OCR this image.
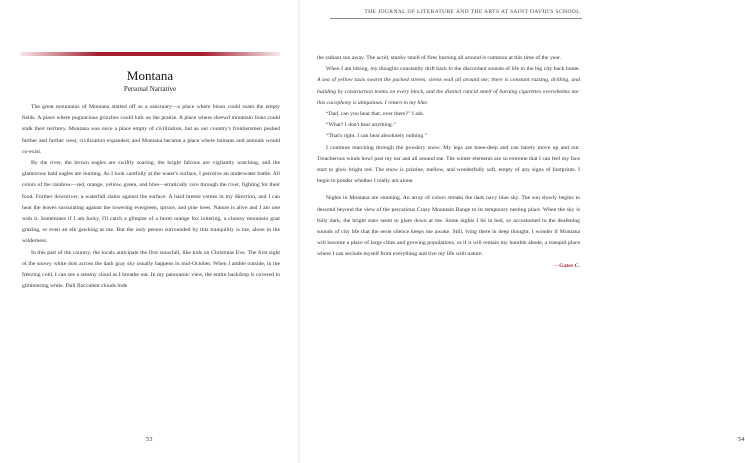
Montana
Personal Narrative

The great mountains of Montana started off as a sanctuary—a place where bison could roam the empty fields. A place where pugnacious grizzlies could lurk on the prairie. A place where shrewd mountain lions could stalk their territory. Montana was once a place empty of civilization, but as our country's frontiersmen pushed farther and farther west, civilization expanded, and Montana became a place where humans and animals would co-exist.

By the river, the brown eagles are swiftly soaring, the bright falcons are vigilantly watching, and the glamorous bald eagles are hunting. As I look carefully at the water's surface, I perceive an underwater battle. All colors of the rainbow—red, orange, yellow, green, and blue—erratically race through the river, fighting for their food. Further downriver, a waterfall slams against the surface. A hard breeze comes in my direction, and I can hear the leaves sussurating against the towering evergreen, spruce, and pine trees. Nature is alive and I am one with it. Sometimes if I am lucky, I'll catch a glimpse of a burnt orange fox loitering, a clumsy mountain goat grazing, or even an elk gawking at me. But the only person surrounded by this tranquility is me, alone in the wilderness.

In this part of the country, the locals anticipate the first snowfall, like kids on Christmas Eve. The first sight of the snowy white dots across the dark gray sky usually happens in mid-October. When I amble outside, in the freezing cold, I can see a steamy cloud as I breathe out. In my panoramic view, the entire backdrop is covered in glimmering white. Dull flocculent clouds hide

53	54
THE JOURNAL OF LITERATURE AND THE ARTS AT SAINT DAVID'S SCHOOL

the radiant sun away. The acrid, smoky smell of fires burning all around is common at this time of the year.

When I am hiking, my thoughts constantly drift back to the discordant sounds of life in the big city back home. A sea of yellow taxis swarm the packed streets, sirens wail all around me; there is constant razzing, drilling, and building by construction teams on every block, and the distinct rancid smell of burning cigarettes overwhelms me: this cacophony is ubiquitous. I return to my hike.

“Dad, can you hear that, over there?” I ask.

“What? I don't hear anything.”

“That's right. I can hear absolutely nothing.”

I continue marching through the powdery snow. My legs are knee-deep and can barely move up and out. Treacherous winds howl past my ear and all around me. The winter elements are so extreme that I can feel my face start to glow bright red. The snow is pristine, mellow, and wonderfully soft, empty of any signs of footprints. I begin to ponder whether I really am alone.

Nights in Montana are stunning. An array of colors streaks the dark navy blue sky. The sun slowly begins to descend beyond the view of the percarious Crazy Mountain Range to its temporary nesting place. When the sky is fully dark, the bright stars seem to glare down at me. Some nights I lie in bed, so accustomed to the deafening sounds of city life that the eerie silence keeps me awake. Still, lying there in deep thought, I wonder if Montana will become a place of large cities and growing populations, or if it will remain my humble abode, a tranquil place where I can seclude myself from everything and live my life with nature.

– Gates C.
